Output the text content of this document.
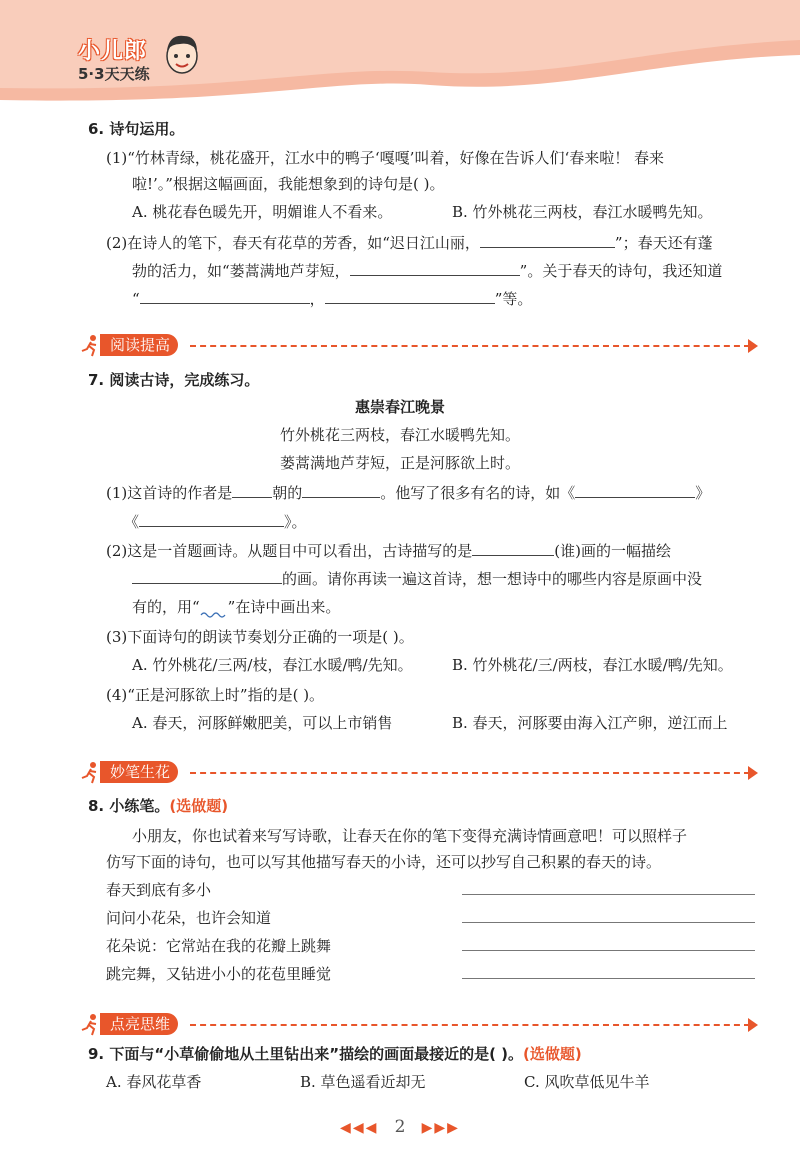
小儿郎
5·3天天练
6. 诗句运用。
(1)“竹林青绿，桃花盛开，江水中的鸭子‘嘎嘎’叫着，好像在告诉人们‘春来啦！ 春来
啦!’。”根据这幅画面，我能想象到的诗句是( )。
A. 桃花春色暖先开，明媚谁人不看来。	B. 竹外桃花三两枝，春江水暖鸭先知。
(2)在诗人的笔下，春天有花草的芳香，如“迟日江山丽，	”；春天还有蓬
勃的活力，如“蒌蒿满地芦芽短，	”。关于春天的诗句，我还知道
“	，	”等。
阅读提高
7. 阅读古诗，完成练习。
惠崇春江晚景
竹外桃花三两枝，春江水暖鸭先知。
蒌蒿满地芦芽短，正是河豚欲上时。
(1)这首诗的作者是	朝的	。他写了很多有名的诗，如《	》
《	》。
(2)这是一首题画诗。从题目中可以看出，古诗描写的是	(谁)画的一幅描绘
的画。请你再读一遍这首诗，想一想诗中的哪些内容是原画中没
有的，用“ ”在诗中画出来。
(3)下面诗句的朗读节奏划分正确的一项是( )。
A. 竹外桃花/三两/枝，春江水暖/鸭/先知。	B. 竹外桃花/三/两枝，春江水暖/鸭/先知。
(4)“正是河豚欲上时”指的是( )。
A. 春天，河豚鲜嫩肥美，可以上市销售	B. 春天，河豚要由海入江产卵，逆江而上
妙笔生花
8. 小练笔。(选做题)
小朋友，你也试着来写写诗歌，让春天在你的笔下变得充满诗情画意吧！可以照样子
仿写下面的诗句，也可以写其他描写春天的小诗，还可以抄写自己积累的春天的诗。
春天到底有多小
问问小花朵，也许会知道
花朵说：它常站在我的花瓣上跳舞
跳完舞，又钻进小小的花苞里睡觉
点亮思维
9. 下面与“小草偷偷地从土里钻出来”描绘的画面最接近的是( )。(选做题)
A. 春风花草香	B. 草色遥看近却无	C. 风吹草低见牛羊
◀◀◀ 2 ▶▶▶
